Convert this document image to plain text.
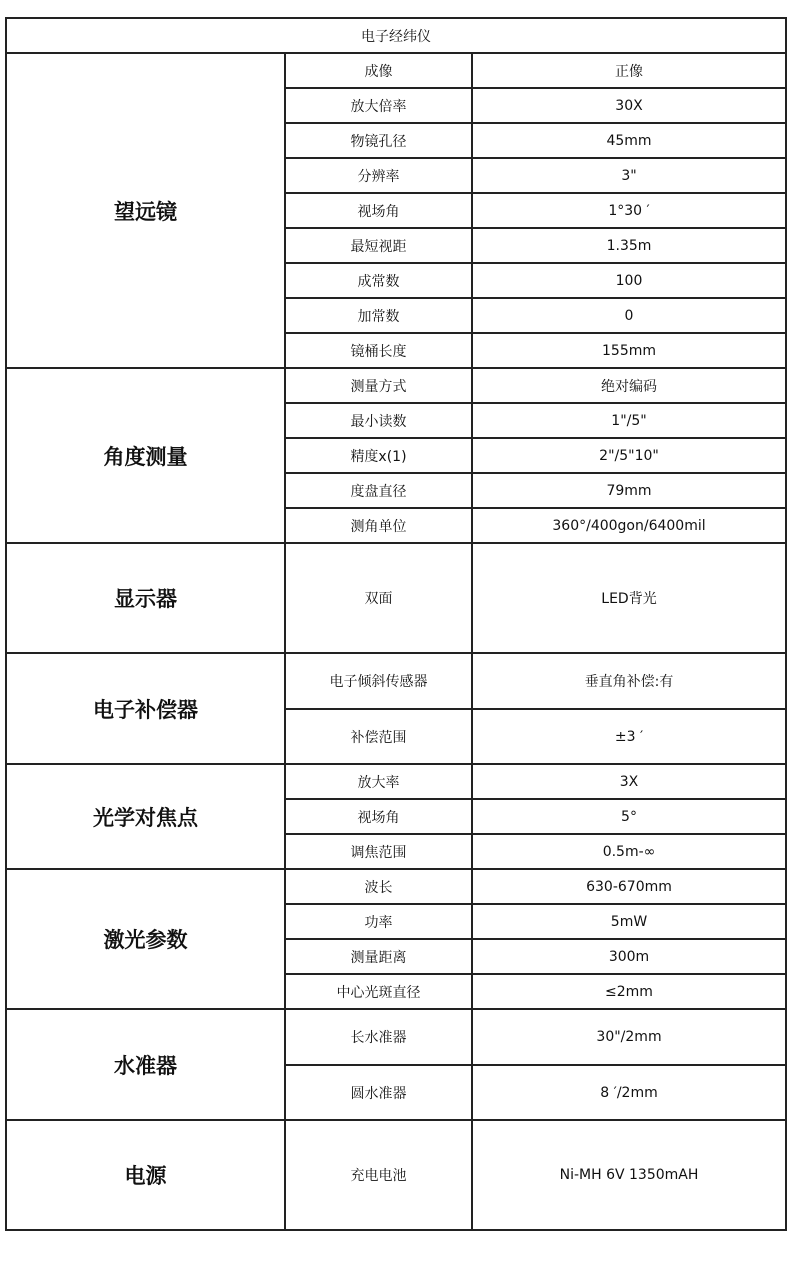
电子经纬仪		
望远镜	成像	正像
	放大倍率	30X
	物镜孔径	45mm
	分辨率	3"
	视场角	1°30 ′
	最短视距	1.35m
	成常数	100
	加常数	0
	镜桶长度	155mm
角度测量	测量方式	绝对编码
	最小读数	1"/5"
	精度x(1)	2"/5"10"
	度盘直径	79mm
	测角单位	360°/400gon/6400mil
显示器	双面	LED背光
电子补偿器	电子倾斜传感器	垂直角补偿:有
	补偿范围	±3 ′
光学对焦点	放大率	3X
	视场角	5°
	调焦范围	0.5m-∞
激光参数	波长	630-670mm
	功率	5mW
	测量距离	300m
	中心光斑直径	≤2mm
水准器	长水准器	30"/2mm
	圆水准器	8 ′/2mm
电源	充电电池	Ni-MH 6V 1350mAH
